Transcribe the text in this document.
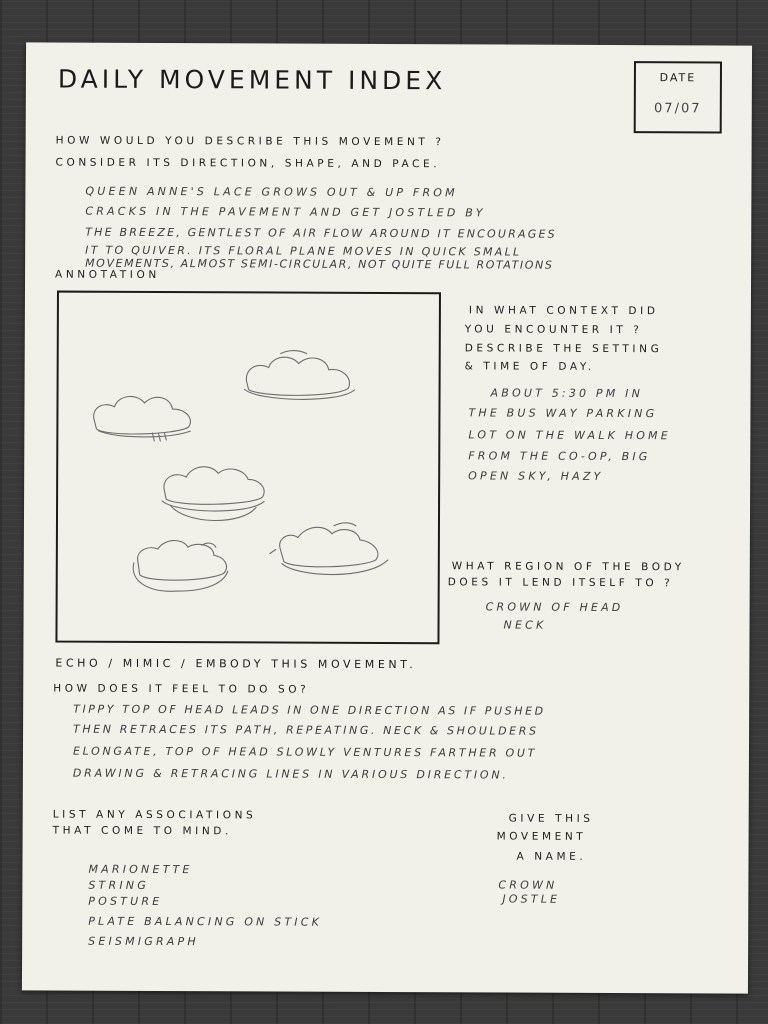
DAILY MOVEMENT INDEX	DATE
07/07
HOW WOULD YOU DESCRIBE THIS MOVEMENT ?
CONSIDER ITS DIRECTION, SHAPE, AND PACE.
QUEEN ANNE'S LACE GROWS OUT & UP FROM
CRACKS IN THE PAVEMENT AND GET JOSTLED BY
THE BREEZE, GENTLEST OF AIR FLOW AROUND IT ENCOURAGES
IT TO QUIVER. ITS FLORAL PLANE MOVES IN QUICK SMALL
MOVEMENTS, ALMOST SEMI-CIRCULAR, NOT QUITE FULL ROTATIONS
ANNOTATION
IN WHAT CONTEXT DID
YOU ENCOUNTER IT ?
DESCRIBE THE SETTING
& TIME OF DAY.
ABOUT 5:30 PM IN
THE BUS WAY PARKING
LOT ON THE WALK HOME
FROM THE CO-OP, BIG
OPEN SKY, HAZY
WHAT REGION OF THE BODY
DOES IT LEND ITSELF TO ?
CROWN OF HEAD
NECK
ECHO / MIMIC / EMBODY THIS MOVEMENT.
HOW DOES IT FEEL TO DO SO?
TIPPY TOP OF HEAD LEADS IN ONE DIRECTION AS IF PUSHED
THEN RETRACES ITS PATH, REPEATING. NECK & SHOULDERS
ELONGATE, TOP OF HEAD SLOWLY VENTURES FARTHER OUT
DRAWING & RETRACING LINES IN VARIOUS DIRECTION.
LIST ANY ASSOCIATIONS
THAT COME TO MIND.
MARIONETTE
STRING
POSTURE
PLATE BALANCING ON STICK
SEISMIGRAPH
GIVE THIS
MOVEMENT
A NAME.
CROWN
JOSTLE
